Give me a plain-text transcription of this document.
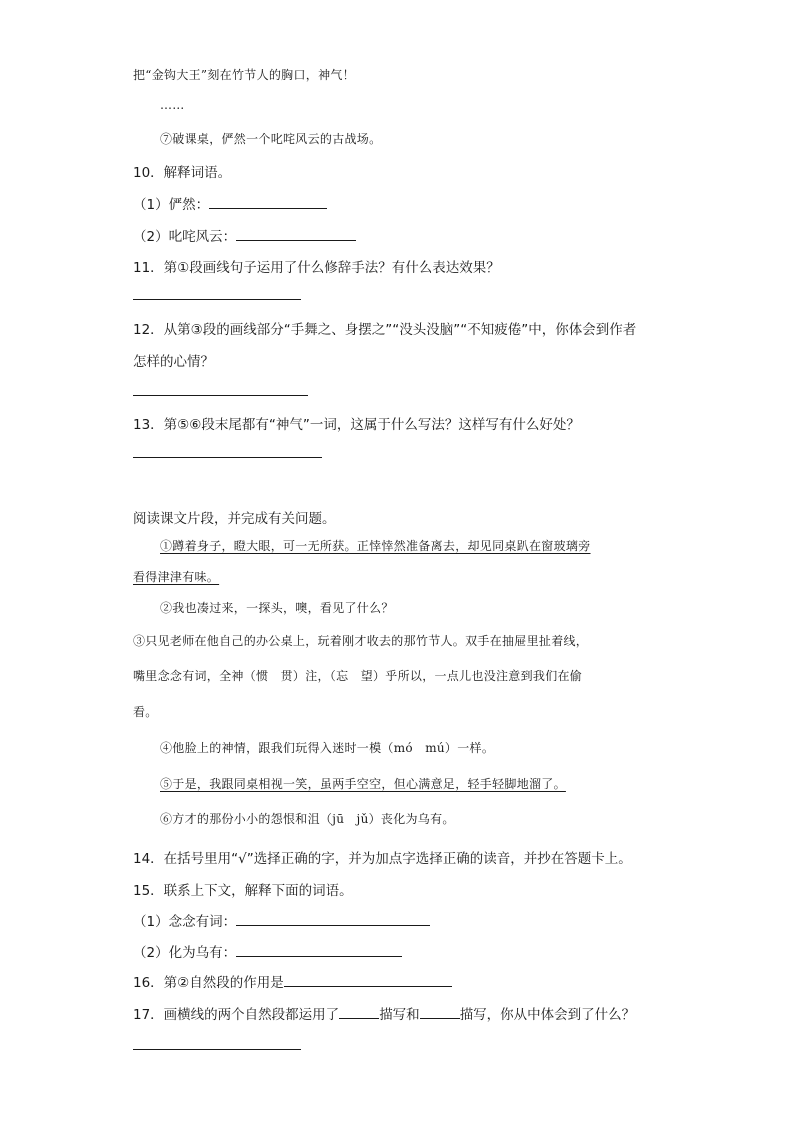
把“金钩大王”刻在竹节人的胸口，神气！
……
⑦破课桌，俨然一个叱咤风云的古战场。
10．解释词语。
（1）俨然：
（2）叱咤风云：
11．第①段画线句子运用了什么修辞手法？有什么表达效果？
12．从第③段的画线部分“手舞之、身摆之”“没头没脑”“不知疲倦”中，你体会到作者
怎样的心情？
13．第⑤⑥段末尾都有“神气”一词，这属于什么写法？这样写有什么好处？
阅读课文片段，并完成有关问题。
①蹲着身子，瞪大眼，可一无所获。正悻悻然准备离去，却见同桌趴在窗玻璃旁
看得津津有味。
②我也凑过来，一探头，噢，看见了什么？
③只见老师在他自己的办公桌上，玩着刚才收去的那竹节人。双手在抽屉里扯着线，
嘴里念念有词，全神（惯　贯）注，（忘　望）乎所以，一点儿也没注意到我们在偷
看。
④他脸上的神情，跟我们玩得入迷时一模（mó　mú）一样。
⑤于是，我跟同桌相视一笑，虽两手空空，但心满意足，轻手轻脚地溜了。
⑥方才的那份小小的怨恨和沮（jū　jǔ）丧化为乌有。
14．在括号里用“√”选择正确的字，并为加点字选择正确的读音，并抄在答题卡上。
15．联系上下文，解释下面的词语。
（1）念念有词：
（2）化为乌有：
16．第②自然段的作用是
17．画横线的两个自然段都运用了	描写和	描写，你从中体会到了什么？
